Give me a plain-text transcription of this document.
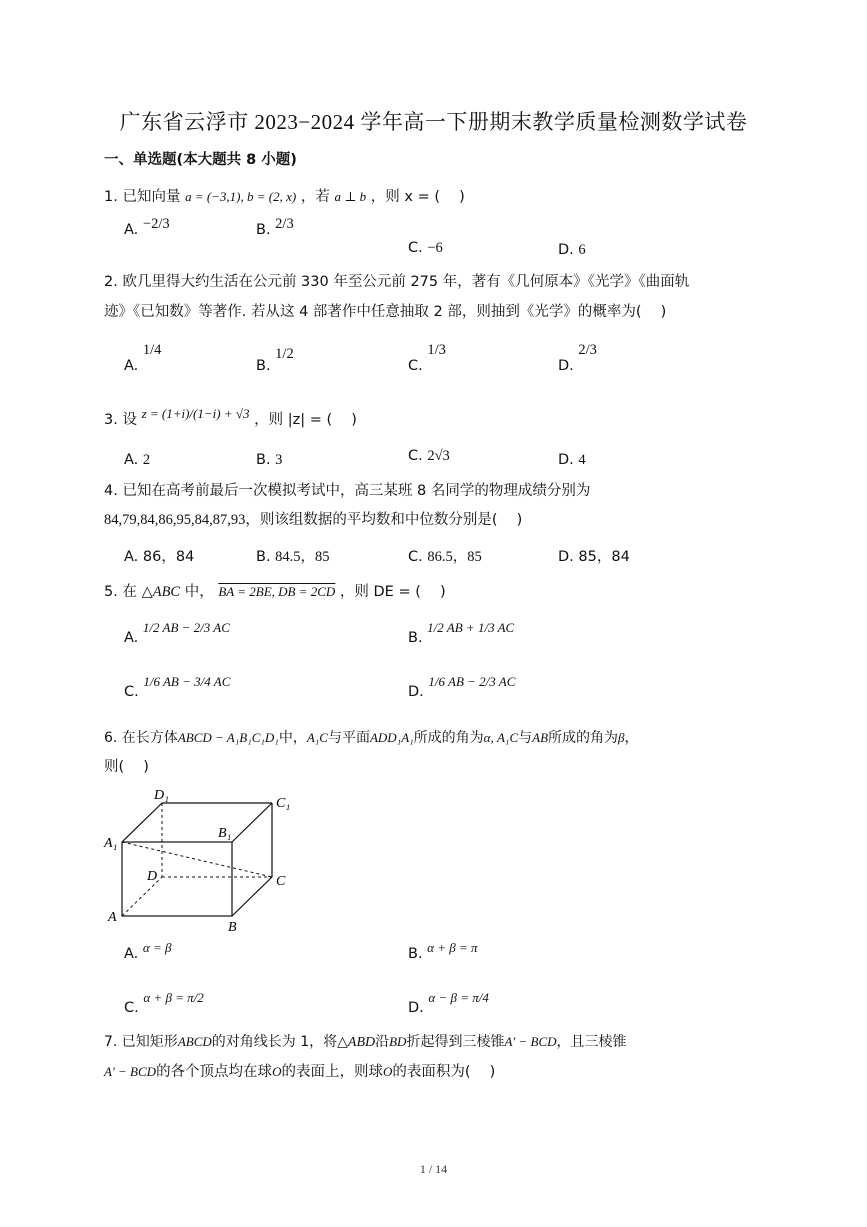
广东省云浮市 2023−2024 学年高一下册期末教学质量检测数学试卷
一、单选题(本大题共 8 小题)
1. 已知向量 a = (−3,1), b = (2, x) ，若 a ⊥ b ，则 x = (　 )
A. −2/3	B. 2/3
C. −6	D. 6
2. 欧几里得大约生活在公元前 330 年至公元前 275 年，著有《几何原本》《光学》《曲面轨
迹》《已知数》等著作. 若从这 4 部著作中任意抽取 2 部，则抽到《光学》的概率为(　 )
A. 1/4
B. 1/2
C. 1/3
D. 2/3
3. 设 z = (1+i)/(1−i) + √3 ，则 |z| = (　 )
A. 2	B. 3	C. 2√3	D. 4
4. 已知在高考前最后一次模拟考试中，高三某班 8 名同学的物理成绩分别为
84,79,84,86,95,84,87,93，则该组数据的平均数和中位数分别是(　 )
A. 86，84	B. 84.5，85	C. 86.5，85	D. 85，84
5. 在 △ABC 中， BA = 2BE, DB = 2CD ，则 DE = (　 )
A. 1/2 AB − 2/3 AC
B. 1/2 AB + 1/3 AC
C. 1/6 AB − 3/4 AC
D. 1/6 AB − 2/3 AC
6. 在长方体ABCD − A₁B₁C₁D₁中，A₁C与平面ADD₁A₁所成的角为α, A₁C与AB所成的角为β，
则(　 )
D₁
C₁
B₁
A₁
D	C
A
B
A. α = β	B. α + β = π
C. α + β = π/2
D. α − β = π/4
7. 已知矩形ABCD的对角线长为 1，将△ABD沿BD折起得到三棱锥A′ − BCD，且三棱锥
A′ − BCD的各个顶点均在球O的表面上，则球O的表面积为(　 )
1 / 14
